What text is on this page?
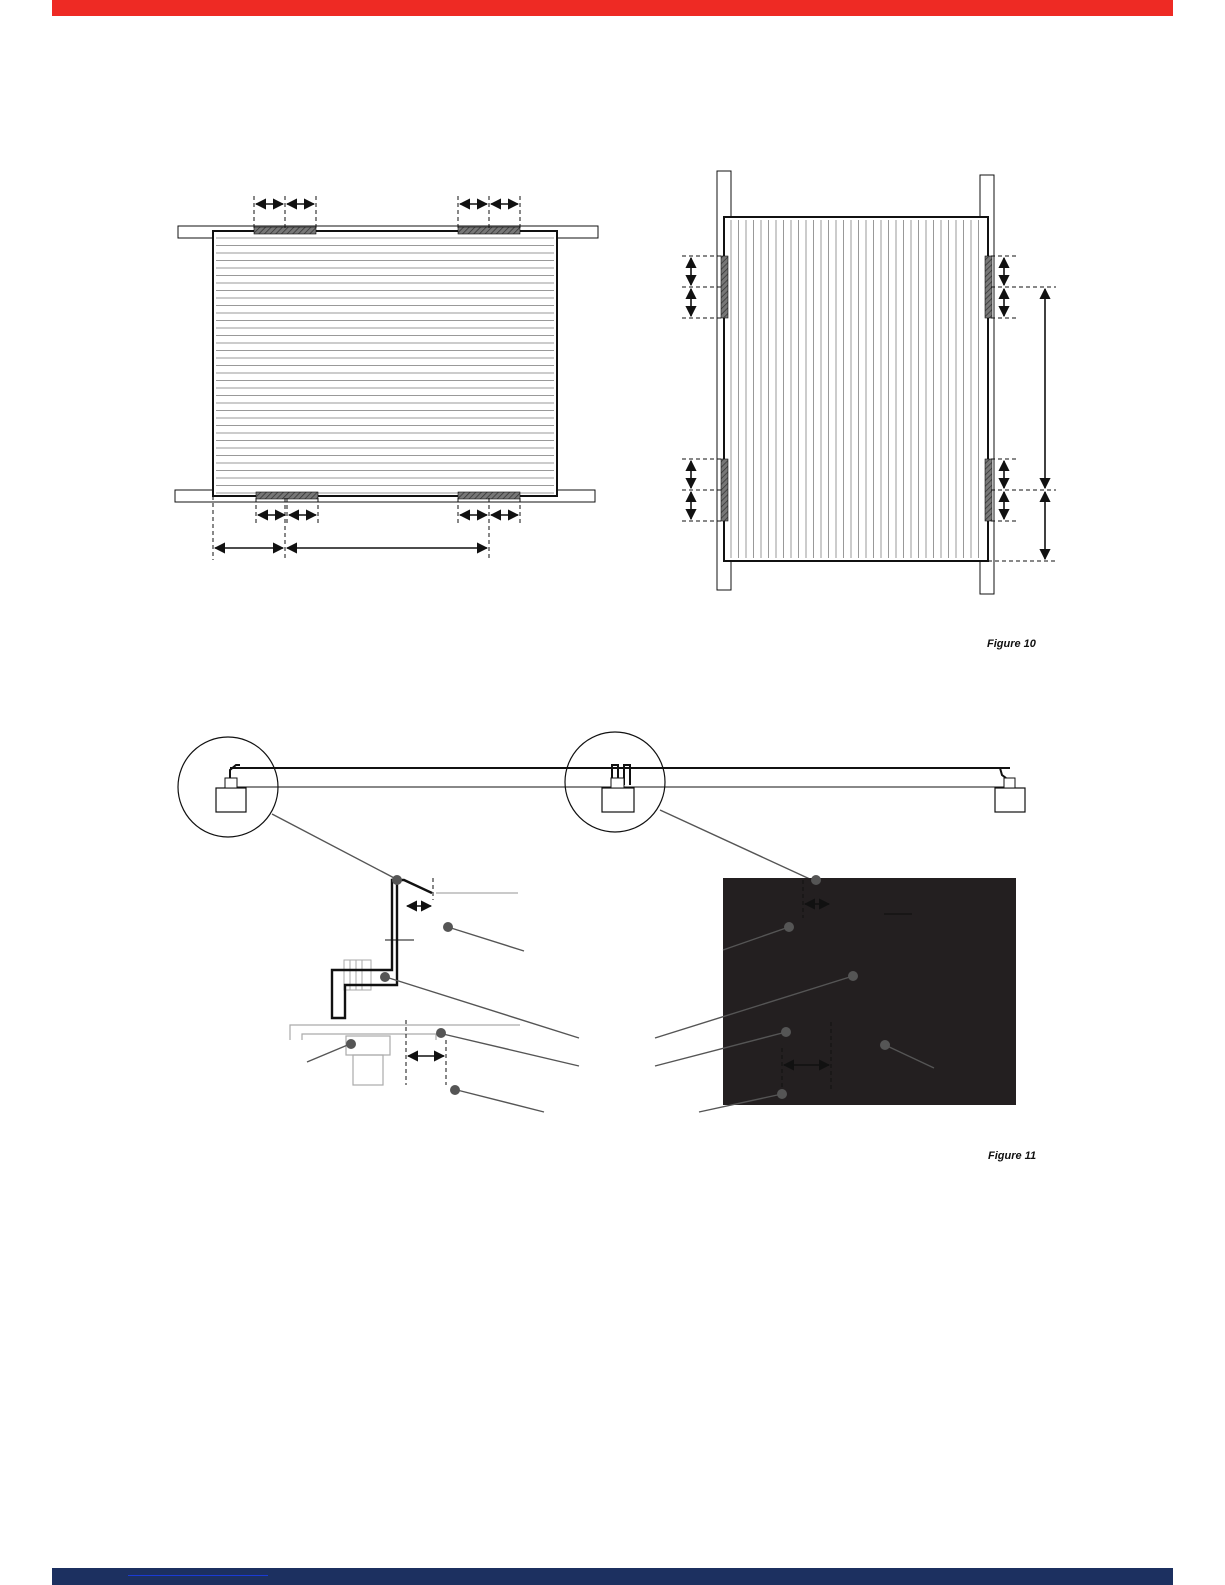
Figure 10
Figure 11
